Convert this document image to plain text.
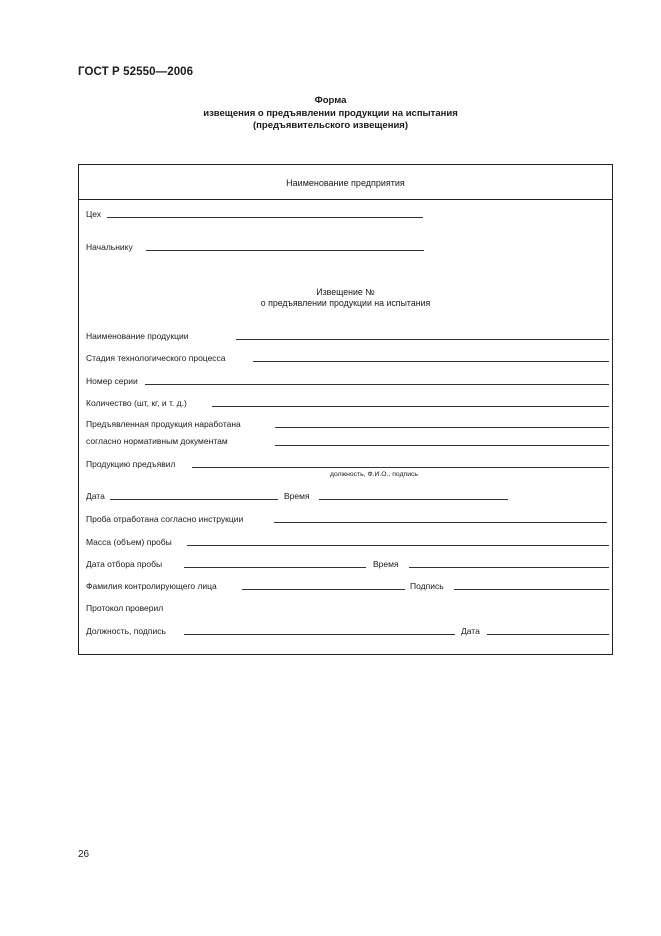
ГОСТ Р 52550—2006
Форма
извещения о предъявлении продукции на испытания
(предъявительского извещения)
Наименование предприятия
Цех
Начальнику
Извещение №
о предъявлении продукции на испытания
Наименование продукции
Стадия технологического процесса
Номер серии
Количество (шт, кг, и т. д.)
Предъявленная продукция наработана
согласно нормативным документам
Продукцию предъявил
должность, Ф.И.О., подпись
Дата	Время
Проба отработана согласно инструкции
Масса (объем) пробы
Дата отбора пробы	Время
Фамилия контролирующего лица	Подпись
Протокол проверил
Должность, подпись	Дата
26
